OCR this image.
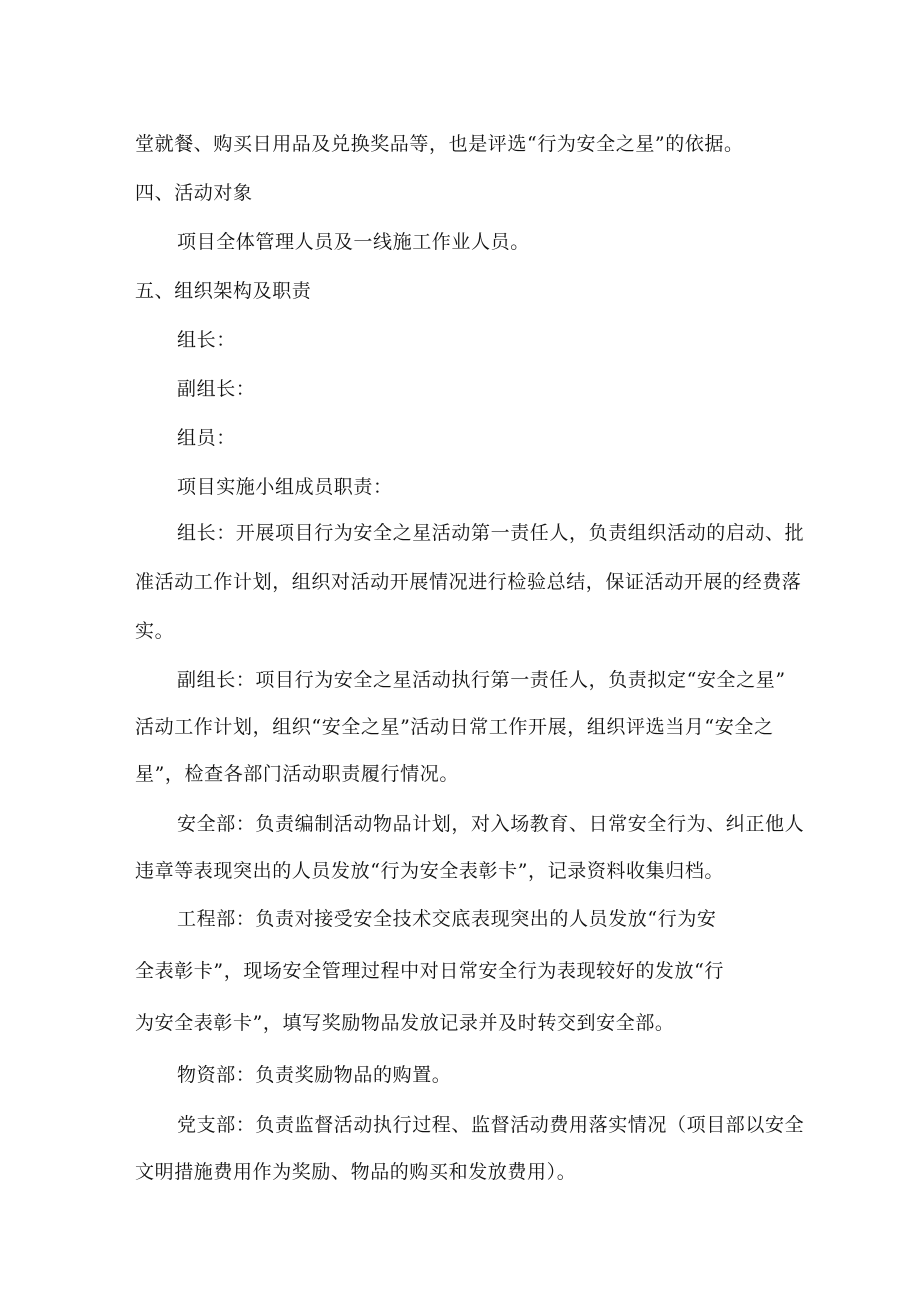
堂就餐、购买日用品及兑换奖品等，也是评选“行为安全之星”的依据。
四、活动对象
项目全体管理人员及一线施工作业人员。
五、组织架构及职责
组长：
副组长：
组员：
项目实施小组成员职责：
组长：开展项目行为安全之星活动第一责任人，负责组织活动的启动、批
准活动工作计划，组织对活动开展情况进行检验总结，保证活动开展的经费落
实。
副组长：项目行为安全之星活动执行第一责任人，负责拟定“安全之星”
活动工作计划，组织“安全之星”活动日常工作开展，组织评选当月“安全之
星”，检查各部门活动职责履行情况。
安全部：负责编制活动物品计划，对入场教育、日常安全行为、纠正他人
违章等表现突出的人员发放“行为安全表彰卡”，记录资料收集归档。
工程部：负责对接受安全技术交底表现突出的人员发放“行为安
全表彰卡”，现场安全管理过程中对日常安全行为表现较好的发放“行
为安全表彰卡”，填写奖励物品发放记录并及时转交到安全部。
物资部：负责奖励物品的购置。
党支部：负责监督活动执行过程、监督活动费用落实情况（项目部以安全
文明措施费用作为奖励、物品的购买和发放费用）。
